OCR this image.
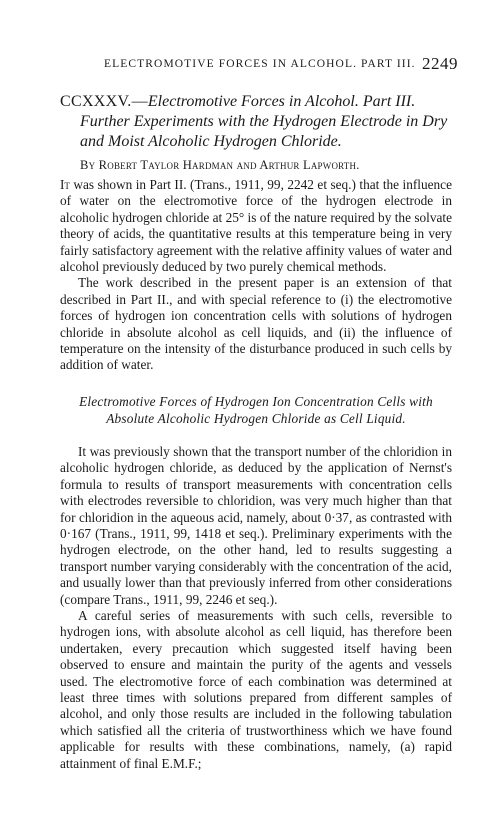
ELECTROMOTIVE FORCES IN ALCOHOL. PART III. 2249
CCXXXV.—Electromotive Forces in Alcohol. Part III. Further Experiments with the Hydrogen Electrode in Dry and Moist Alcoholic Hydrogen Chloride.
By Robert Taylor Hardman and Arthur Lapworth.

It was shown in Part II. (Trans., 1911, 99, 2242 et seq.) that the influence of water on the electromotive force of the hydrogen electrode in alcoholic hydrogen chloride at 25° is of the nature required by the solvate theory of acids, the quantitative results at this temperature being in very fairly satisfactory agreement with the relative affinity values of water and alcohol previously deduced by two purely chemical methods.

The work described in the present paper is an extension of that described in Part II., and with special reference to (i) the electromotive forces of hydrogen ion concentration cells with solutions of hydrogen chloride in absolute alcohol as cell liquids, and (ii) the influence of temperature on the intensity of the disturbance produced in such cells by addition of water.

Electromotive Forces of Hydrogen Ion Concentration Cells with
Absolute Alcoholic Hydrogen Chloride as Cell Liquid.

It was previously shown that the transport number of the chloridion in alcoholic hydrogen chloride, as deduced by the application of Nernst's formula to results of transport measurements with concentration cells with electrodes reversible to chloridion, was very much higher than that for chloridion in the aqueous acid, namely, about 0·37, as contrasted with 0·167 (Trans., 1911, 99, 1418 et seq.). Preliminary experiments with the hydrogen electrode, on the other hand, led to results suggesting a transport number varying considerably with the concentration of the acid, and usually lower than that previously inferred from other considerations (compare Trans., 1911, 99, 2246 et seq.).

A careful series of measurements with such cells, reversible to hydrogen ions, with absolute alcohol as cell liquid, has therefore been undertaken, every precaution which suggested itself having been observed to ensure and maintain the purity of the agents and vessels used. The electromotive force of each combination was determined at least three times with solutions prepared from different samples of alcohol, and only those results are included in the following tabulation which satisfied all the criteria of trustworthiness which we have found applicable for results with these combinations, namely, (a) rapid attainment of final E.M.F.;
